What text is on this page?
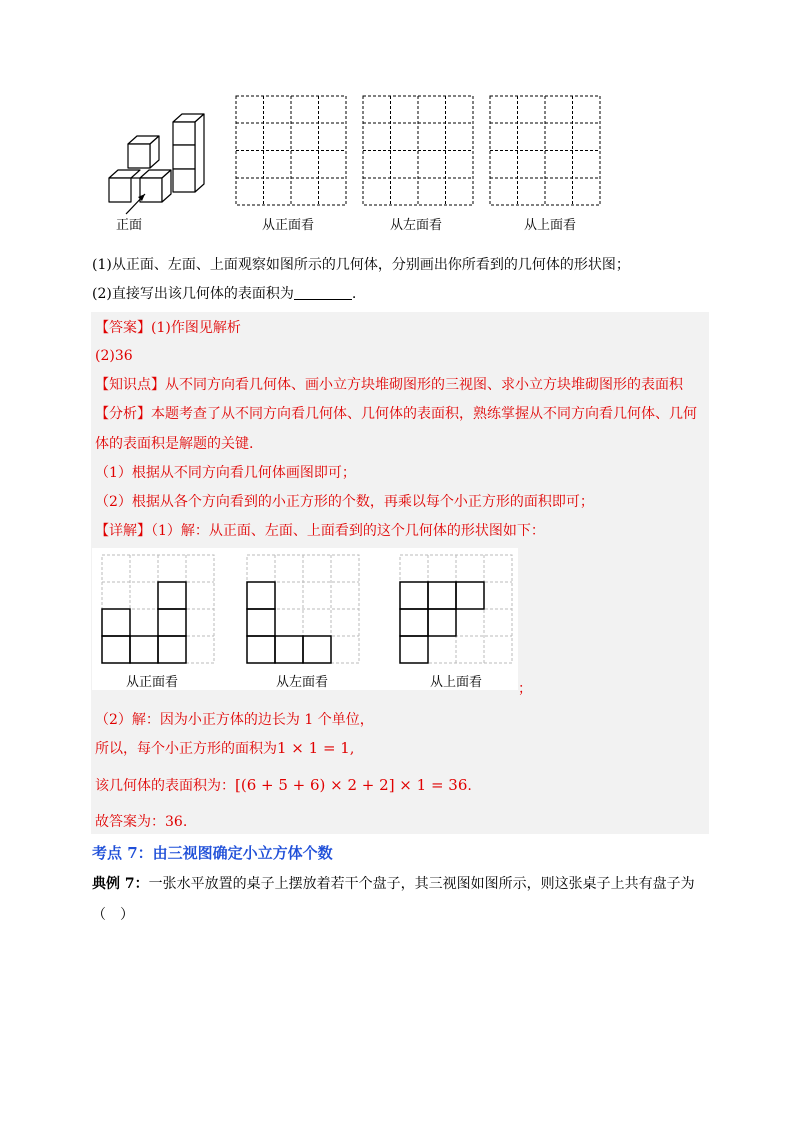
正面	从正面看	从左面看	从上面看
(1)从正面、左面、上面观察如图所示的几何体，分别画出你所看到的几何体的形状图；
(2)直接写出该几何体的表面积为	.
【答案】(1)作图见解析
(2)36
【知识点】从不同方向看几何体、画小立方块堆砌图形的三视图、求小立方块堆砌图形的表面积
【分析】本题考查了从不同方向看几何体、几何体的表面积，熟练掌握从不同方向看几何体、几何
体的表面积是解题的关键.
（1）根据从不同方向看几何体画图即可；
（2）根据从各个方向看到的小正方形的个数，再乘以每个小正方形的面积即可；
【详解】（1）解：从正面、左面、上面看到的这个几何体的形状图如下：
从正面看	从左面看	从上面看	；
（2）解：因为小正方体的边长为 1 个单位，
所以，每个小正方形的面积为1 × 1 = 1,
该几何体的表面积为：[(6 + 5 + 6) × 2 + 2] × 1 = 36.
故答案为：36.
考点 7：由三视图确定小立方体个数
典例 7：一张水平放置的桌子上摆放着若干个盘子，其三视图如图所示，则这张桌子上共有盘子为
（　）
